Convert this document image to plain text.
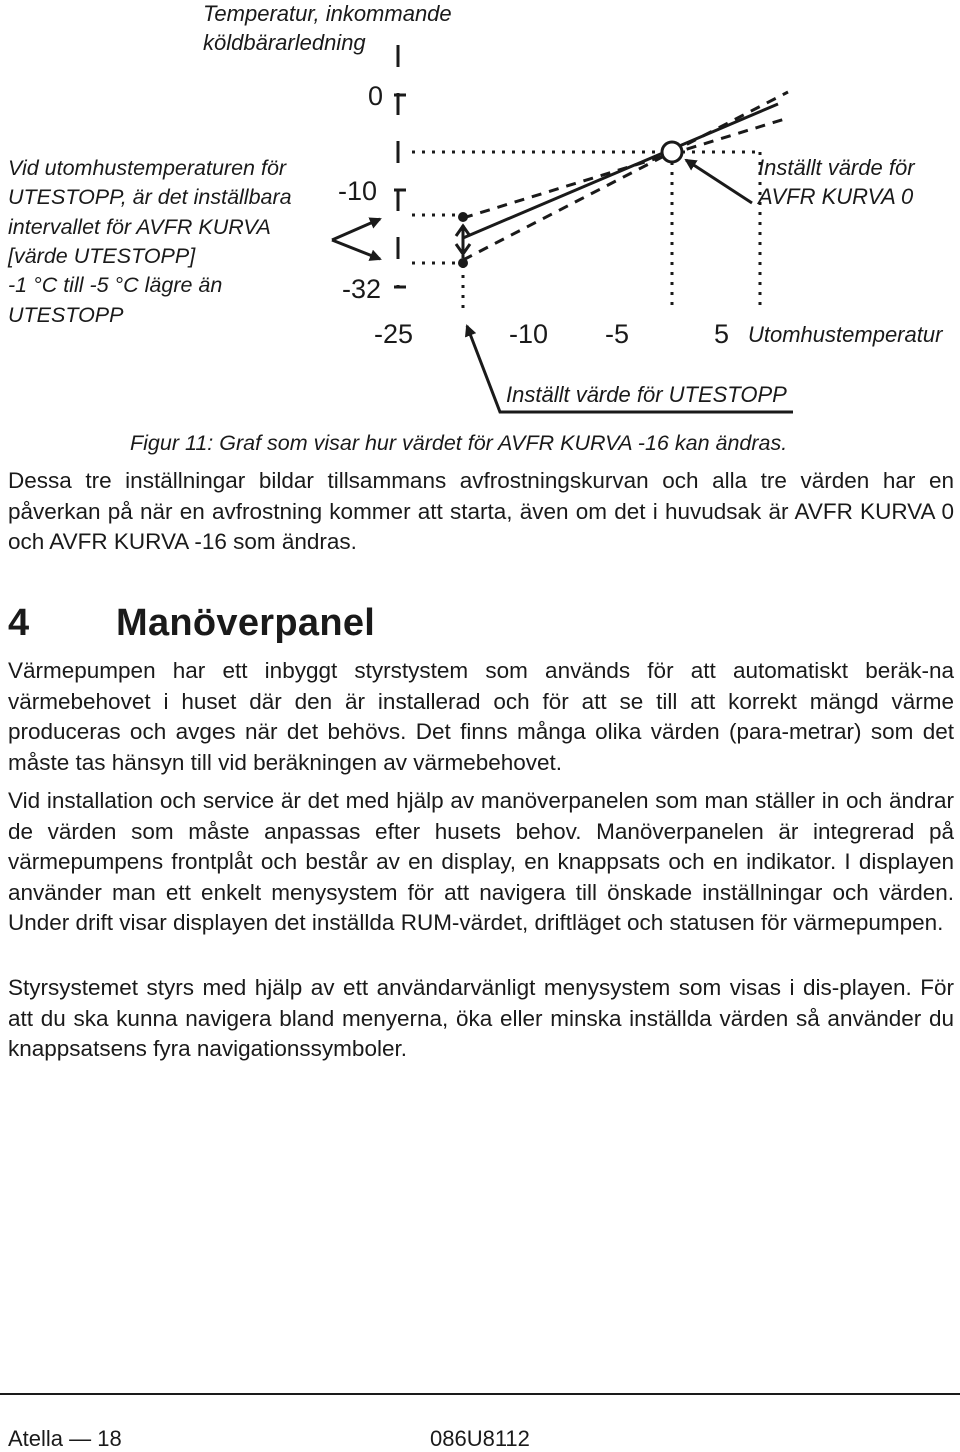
Temperatur, inkommande
köldbärarledning
0
-10
-32
-25	-10 -5	5 Utomhustemperatur
Vid utomhustemperaturen för
UTESTOPP, är det inställbara
intervallet för AVFR KURVA
[värde UTESTOPP]
-1 °C till -5 °C lägre än
UTESTOPP
Inställt värde för
AVFR KURVA 0
Inställt värde för UTESTOPP

Figur 11: Graf som visar hur värdet för AVFR KURVA -16 kan ändras.

Dessa tre inställningar bildar tillsammans avfrostningskurvan och alla tre värden har en påverkan på när en avfrostning kommer att starta, även om det i huvudsak är AVFR KURVA 0 och AVFR KURVA -16 som ändras.

4 Manöverpanel

Värmepumpen har ett inbyggt styrstystem som används för att automatiskt beräk-na värmebehovet i huset där den är installerad och för att se till att korrekt mängd värme produceras och avges när det behövs. Det finns många olika värden (para-metrar) som det måste tas hänsyn till vid beräkningen av värmebehovet.

Vid installation och service är det med hjälp av manöverpanelen som man ställer in och ändrar de värden som måste anpassas efter husets behov. Manöverpanelen är integrerad på värmepumpens frontplåt och består av en display, en knappsats och en indikator. I displayen använder man ett enkelt menysystem för att navigera till önskade inställningar och värden. Under drift visar displayen det inställda RUM-värdet, driftläget och statusen för värmepumpen.

Styrsystemet styrs med hjälp av ett användarvänligt menysystem som visas i dis-playen. För att du ska kunna navigera bland menyerna, öka eller minska inställda värden så använder du knappsatsens fyra navigationssymboler.

Atella — 18	086U8112
